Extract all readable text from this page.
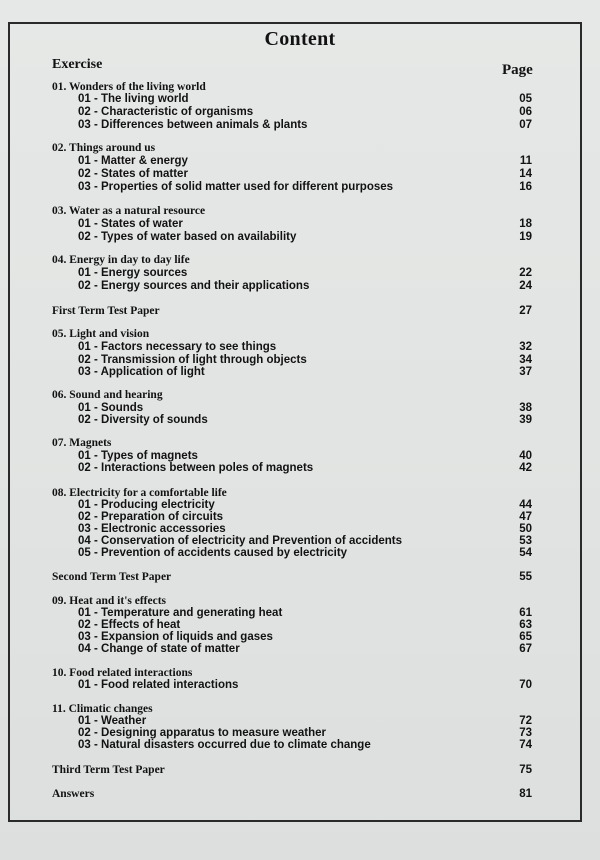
Content
Exercise	Page
01. Wonders of the living world
01 - The living world	05
02 - Characteristic of organisms	06
03 - Differences between animals & plants	07
02. Things around us
01 - Matter & energy	11
02 - States of matter	14
03 - Properties of solid matter used for different purposes	16
03. Water as a natural resource
01 - States of water	18
02 - Types of water based on availability	19
04. Energy in day to day life
01 - Energy sources	22
02 - Energy sources and their applications	24
First Term Test Paper	27
05. Light and vision
01 - Factors necessary to see things	32
02 - Transmission of light through objects	34
03 - Application of light	37
06. Sound and hearing
01 - Sounds	38
02 - Diversity of sounds	39
07. Magnets
01 - Types of magnets	40
02 - Interactions between poles of magnets	42
08. Electricity for a comfortable life
01 - Producing electricity	44
02 - Preparation of circuits	47
03 - Electronic accessories	50
04 - Conservation of electricity and Prevention of accidents	53
05 - Prevention of accidents caused by electricity	54
Second Term Test Paper	55
09. Heat and it's effects
01 - Temperature and generating heat	61
02 - Effects of heat	63
03 - Expansion of liquids and gases	65
04 - Change of state of matter	67
10. Food related interactions
01 - Food related interactions	70
11. Climatic changes
01 - Weather	72
02 - Designing apparatus to measure weather	73
03 - Natural disasters occurred due to climate change	74
Third Term Test Paper	75
Answers	81
